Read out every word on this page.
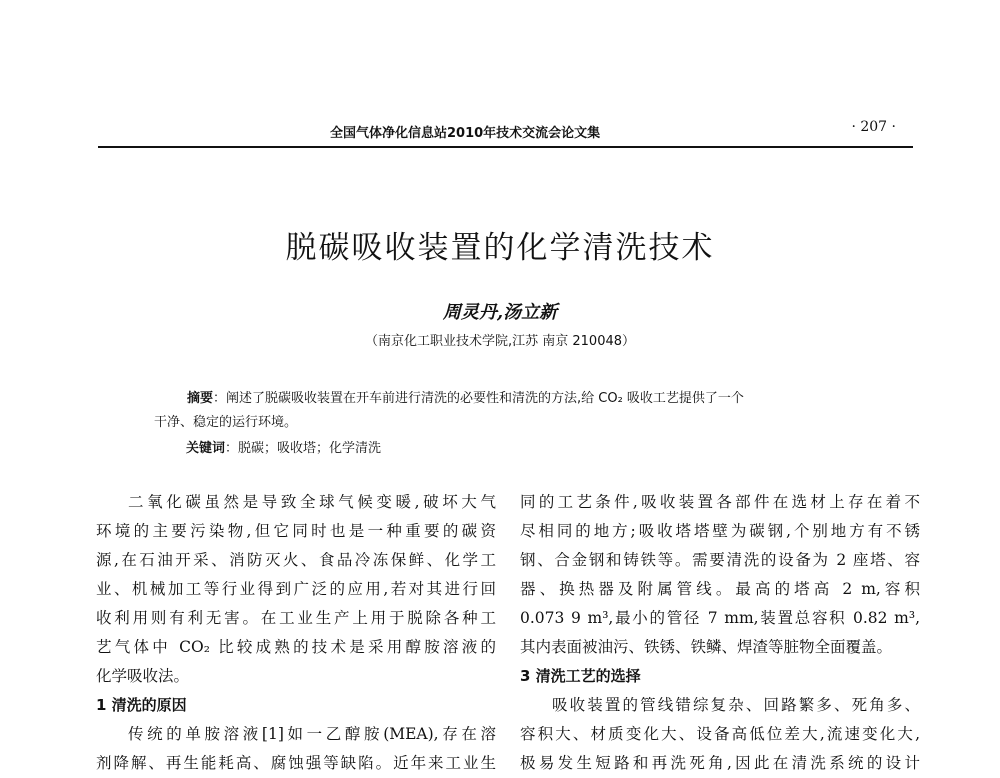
全国气体净化信息站2010年技术交流会论文集	· 207 ·
脱碳吸收装置的化学清洗技术
周灵丹,汤立新
（南京化工职业技术学院,江苏 南京 210048）
摘要：阐述了脱碳吸收装置在开车前进行清洗的必要性和清洗的方法,给 CO₂ 吸收工艺提供了一个
干净、稳定的运行环境。
关键词：脱碳；吸收塔；化学清洗
二氧化碳虽然是导致全球气候变暖,破坏大气
环境的主要污染物,但它同时也是一种重要的碳资
源,在石油开采、消防灭火、食品冷冻保鲜、化学工
业、机械加工等行业得到广泛的应用,若对其进行回
收利用则有利无害。在工业生产上用于脱除各种工
艺气体中 CO₂ 比较成熟的技术是采用醇胺溶液的
化学吸收法。
1 清洗的原因
传统的单胺溶液[1]如一乙醇胺(MEA),存在溶
剂降解、再生能耗高、腐蚀强等缺陷。近年来工业生
同的工艺条件,吸收装置各部件在选材上存在着不
尽相同的地方;吸收塔塔壁为碳钢,个别地方有不锈
钢、合金钢和铸铁等。需要清洗的设备为 2 座塔、容
器、换热器及附属管线。最高的塔高 2 m,容积
0.073 9 m³,最小的管径 7 mm,装置总容积 0.82 m³,
其内表面被油污、铁锈、铁鳞、焊渣等脏物全面覆盖。
3 清洗工艺的选择
吸收装置的管线错综复杂、回路繁多、死角多、
容积大、材质变化大、设备高低位差大,流速变化大,
极易发生短路和再洗死角,因此在清洗系统的设计
